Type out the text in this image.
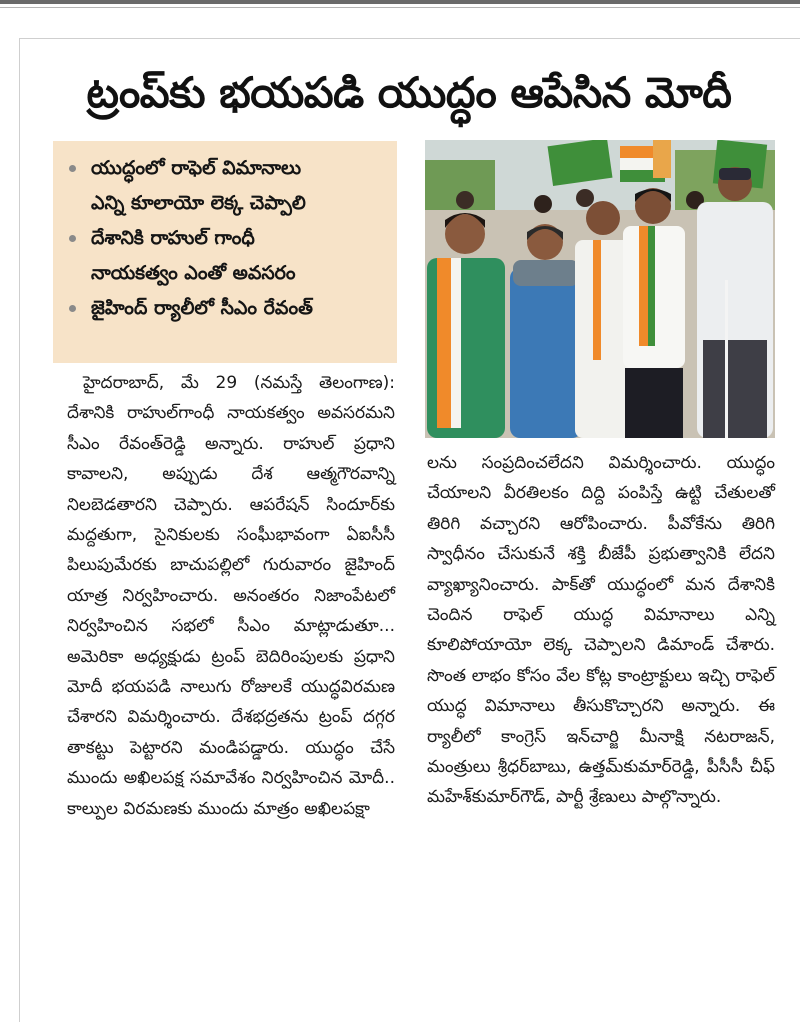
ట్రంప్‌కు భయపడి యుద్ధం ఆపేసిన మోదీ
యుద్ధంలో రాఫెల్ విమానాలు
ఎన్ని కూలాయో లెక్క చెప్పాలి
దేశానికి రాహుల్ గాంధీ
నాయకత్వం ఎంతో అవసరం
జైహింద్ ర్యాలీలో సీఎం రేవంత్

హైదరాబాద్, మే 29 (నమస్తే తెలంగాణ): దేశానికి రాహుల్‌గాంధీ నాయకత్వం అవసరమని సీఎం రేవంత్‌రెడ్డి అన్నారు. రాహుల్ ప్రధాని కావాలని, అప్పుడు దేశ ఆత్మగౌరవాన్ని నిలబెడతారని చెప్పారు. ఆపరేషన్ సిందూర్‌కు మద్దతుగా, సైనికులకు సంఘీభావంగా ఏఐసీసీ పిలుపుమేరకు బాచుపల్లిలో గురువారం జైహింద్ యాత్ర నిర్వహించారు. అనంతరం నిజాంపేటలో నిర్వహించిన సభలో సీఎం మాట్లాడుతూ... అమెరికా అధ్యక్షుడు ట్రంప్ బెదిరింపులకు ప్రధాని మోదీ భయపడి నాలుగు రోజులకే యుద్ధవిరమణ చేశారని విమర్శించారు. దేశభద్రతను ట్రంప్ దగ్గర తాకట్టు పెట్టారని మండిపడ్డారు. యుద్ధం చేసే ముందు అఖిలపక్ష సమావేశం నిర్వహించిన మోదీ.. కాల్పుల విరమణకు ముందు మాత్రం అఖిలపక్షా

లను సంప్రదించలేదని విమర్శించారు. యుద్ధం చేయాలని వీరతిలకం దిద్ది పంపిస్తే ఉట్టి చేతులతో తిరిగి వచ్చారని ఆరోపించారు. పీవోకేను తిరిగి స్వాధీనం చేసుకునే శక్తి బీజేపీ ప్రభుత్వానికి లేదని వ్యాఖ్యానించారు. పాక్‌తో యుద్ధంలో మన దేశానికి చెందిన రాఫెల్ యుద్ధ విమానాలు ఎన్ని కూలిపోయాయో లెక్క చెప్పాలని డిమాండ్ చేశారు. సొంత లాభం కోసం వేల కోట్ల కాంట్రాక్టులు ఇచ్చి రాఫెల్ యుద్ధ విమానాలు తీసుకొచ్చారని అన్నారు. ఈ ర్యాలీలో కాంగ్రెస్ ఇన్‌చార్జి మీనాక్షి నటరాజన్, మంత్రులు శ్రీధర్‌బాబు, ఉత్తమ్‌కుమార్‌రెడ్డి, పీసీసీ చీఫ్ మహేశ్‌కుమార్‌గౌడ్, పార్టీ శ్రేణులు పాల్గొన్నారు.
